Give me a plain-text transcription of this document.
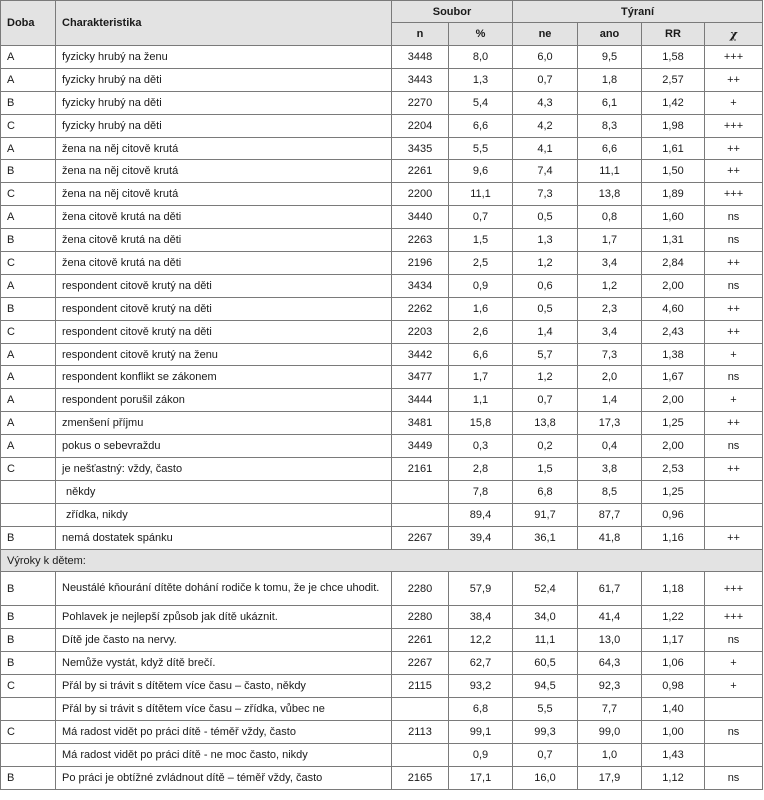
Doba	Charakteristika	Soubor		Týraní			
		n	%	ne	ano	RR	χ
A	fyzicky hrubý na ženu	3448	8,0	6,0	9,5	1,58	+++
A	fyzicky hrubý na děti	3443	1,3	0,7	1,8	2,57	++
B	fyzicky hrubý na děti	2270	5,4	4,3	6,1	1,42	+
C	fyzicky hrubý na děti	2204	6,6	4,2	8,3	1,98	+++
A	žena na něj citově krutá	3435	5,5	4,1	6,6	1,61	++
B	žena na něj citově krutá	2261	9,6	7,4	11,1	1,50	++
C	žena na něj citově krutá	2200	11,1	7,3	13,8	1,89	+++
A	žena citově krutá na děti	3440	0,7	0,5	0,8	1,60	ns
B	žena citově krutá na děti	2263	1,5	1,3	1,7	1,31	ns
C	žena citově krutá na děti	2196	2,5	1,2	3,4	2,84	++
A	respondent citově krutý na děti	3434	0,9	0,6	1,2	2,00	ns
B	respondent citově krutý na děti	2262	1,6	0,5	2,3	4,60	++
C	respondent citově krutý na děti	2203	2,6	1,4	3,4	2,43	++
A	respondent citově krutý na ženu	3442	6,6	5,7	7,3	1,38	+
A	respondent konflikt se zákonem	3477	1,7	1,2	2,0	1,67	ns
A	respondent porušil zákon	3444	1,1	0,7	1,4	2,00	+
A	zmenšení příjmu	3481	15,8	13,8	17,3	1,25	++
A	pokus o sebevraždu	3449	0,3	0,2	0,4	2,00	ns
C	je nešťastný: vždy, často	2161	2,8	1,5	3,8	2,53	++
	někdy		7,8	6,8	8,5	1,25	
	zřídka, nikdy		89,4	91,7	87,7	0,96	
B	nemá dostatek spánku	2267	39,4	36,1	41,8	1,16	++
Výroky k dětem:							
B	Neustálé kňourání dítěte dohání rodiče k tomu, že je chce uhodit.	2280	57,9	52,4	61,7	1,18	+++
B	Pohlavek je nejlepší způsob jak dítě ukáznit.	2280	38,4	34,0	41,4	1,22	+++
B	Dítě jde často na nervy.	2261	12,2	11,1	13,0	1,17	ns
B	Nemůže vystát, když dítě brečí.	2267	62,7	60,5	64,3	1,06	+
C	Přál by si trávit s dítětem více času – často, někdy	2115	93,2	94,5	92,3	0,98	+
	Přál by si trávit s dítětem více času – zřídka, vůbec ne		6,8	5,5	7,7	1,40	
C	Má radost vidět po práci dítě - téměř vždy, často	2113	99,1	99,3	99,0	1,00	ns
	Má radost vidět po práci dítě - ne moc často, nikdy		0,9	0,7	1,0	1,43	
B	Po práci je obtížné zvládnout dítě – téměř vždy, často	2165	17,1	16,0	17,9	1,12	ns
